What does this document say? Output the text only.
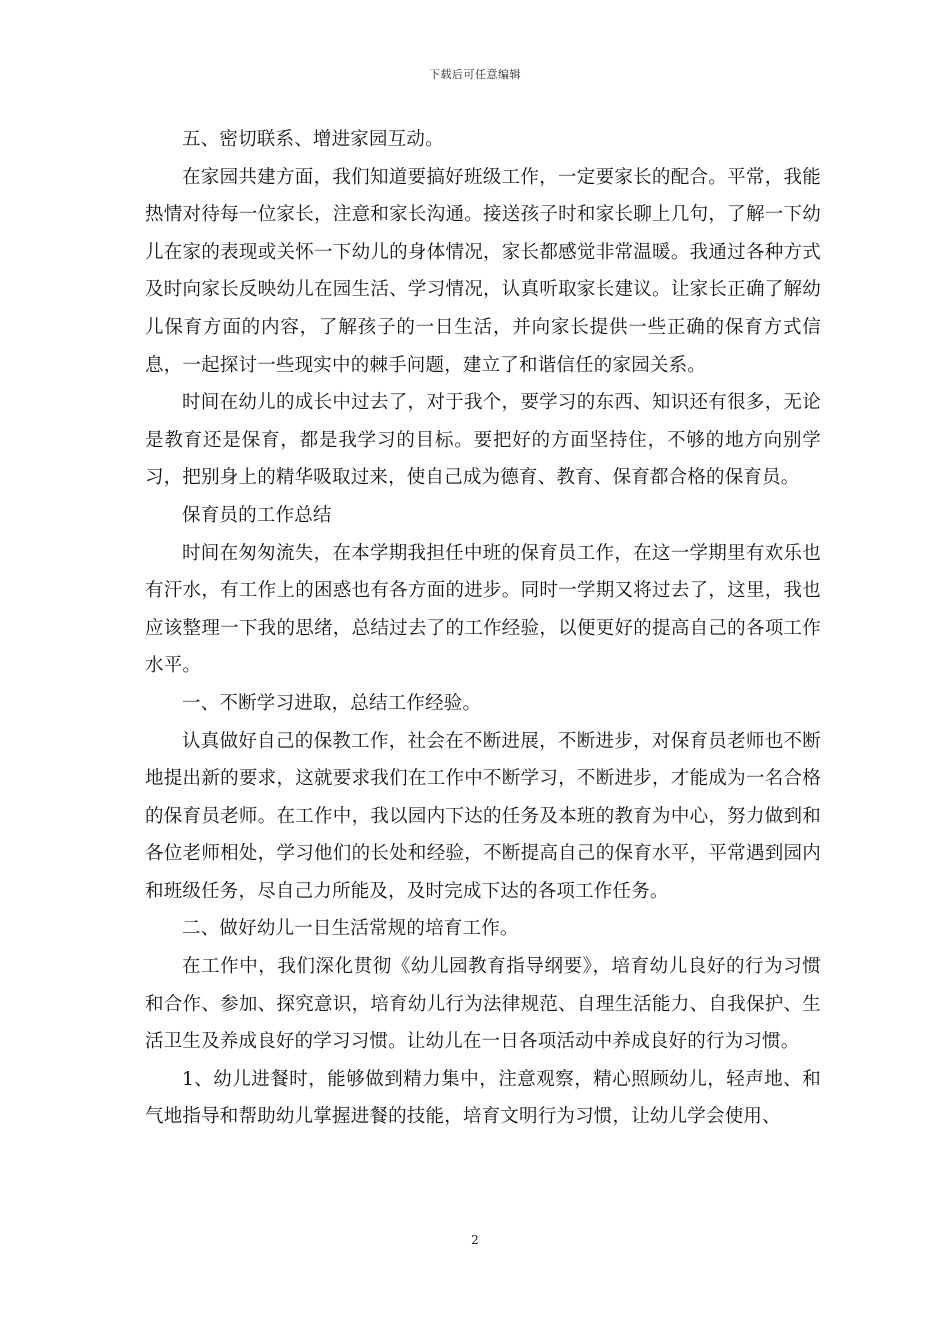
下载后可任意编辑

五、密切联系、增进家园互动。

在家园共建方面，我们知道要搞好班级工作，一定要家长的配合。平常，我能热情对待每一位家长，注意和家长沟通。接送孩子时和家长聊上几句，了解一下幼儿在家的表现或关怀一下幼儿的身体情况，家长都感觉非常温暖。我通过各种方式及时向家长反映幼儿在园生活、学习情况，认真听取家长建议。让家长正确了解幼儿保育方面的内容，了解孩子的一日生活，并向家长提供一些正确的保育方式信息，一起探讨一些现实中的棘手问题，建立了和谐信任的家园关系。

时间在幼儿的成长中过去了，对于我个，要学习的东西、知识还有很多，无论是教育还是保育，都是我学习的目标。要把好的方面坚持住，不够的地方向别学习，把别身上的精华吸取过来，使自己成为德育、教育、保育都合格的保育员。

保育员的工作总结

时间在匆匆流失，在本学期我担任中班的保育员工作，在这一学期里有欢乐也有汗水，有工作上的困惑也有各方面的进步。同时一学期又将过去了，这里，我也应该整理一下我的思绪，总结过去了的工作经验，以便更好的提高自己的各项工作水平。

一、不断学习进取，总结工作经验。

认真做好自己的保教工作，社会在不断进展，不断进步，对保育员老师也不断地提出新的要求，这就要求我们在工作中不断学习，不断进步，才能成为一名合格的保育员老师。在工作中，我以园内下达的任务及本班的教育为中心，努力做到和各位老师相处，学习他们的长处和经验，不断提高自己的保育水平，平常遇到园内和班级任务，尽自己力所能及，及时完成下达的各项工作任务。

二、做好幼儿一日生活常规的培育工作。

在工作中，我们深化贯彻《幼儿园教育指导纲要》，培育幼儿良好的行为习惯和合作、参加、探究意识，培育幼儿行为法律规范、自理生活能力、自我保护、生活卫生及养成良好的学习习惯。让幼儿在一日各项活动中养成良好的行为习惯。

1、幼儿进餐时，能够做到精力集中，注意观察，精心照顾幼儿，轻声地、和气地指导和帮助幼儿掌握进餐的技能，培育文明行为习惯，让幼儿学会使用、

2
